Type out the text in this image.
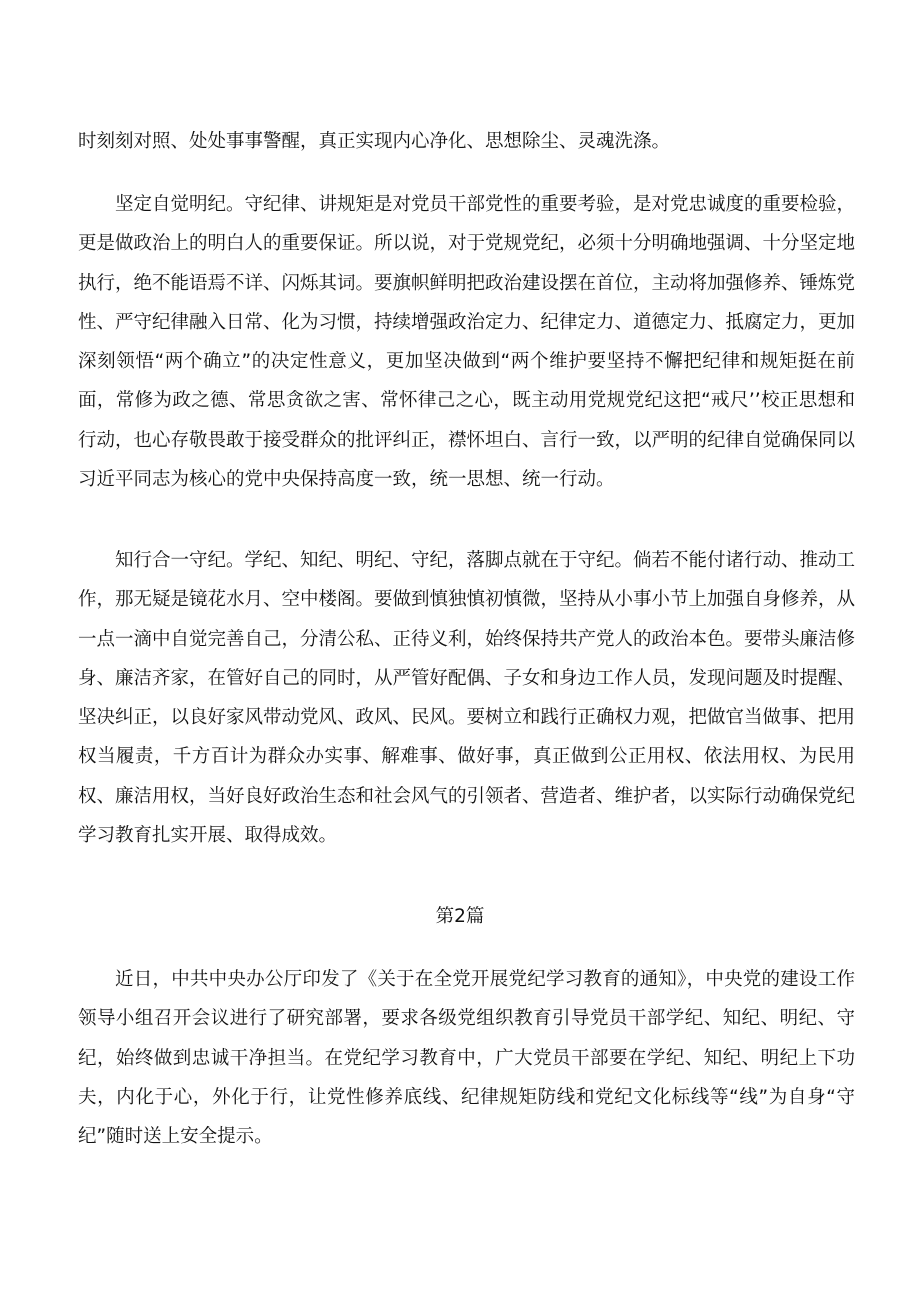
时刻刻对照、处处事事警醒，真正实现内心净化、思想除尘、灵魂洗涤。

坚定自觉明纪。守纪律、讲规矩是对党员干部党性的重要考验，是对党忠诚度的重要检验，更是做政治上的明白人的重要保证。所以说，对于党规党纪，必须十分明确地强调、十分坚定地执行，绝不能语焉不详、闪烁其词。要旗帜鲜明把政治建设摆在首位，主动将加强修养、锤炼党性、严守纪律融入日常、化为习惯，持续增强政治定力、纪律定力、道德定力、抵腐定力，更加深刻领悟“两个确立”的决定性意义，更加坚决做到“两个维护要坚持不懈把纪律和规矩挺在前面，常修为政之德、常思贪欲之害、常怀律己之心，既主动用党规党纪这把“戒尺’’校正思想和行动，也心存敬畏敢于接受群众的批评纠正，襟怀坦白、言行一致，以严明的纪律自觉确保同以习近平同志为核心的党中央保持高度一致，统一思想、统一行动。

知行合一守纪。学纪、知纪、明纪、守纪，落脚点就在于守纪。倘若不能付诸行动、推动工作，那无疑是镜花水月、空中楼阁。要做到慎独慎初慎微，坚持从小事小节上加强自身修养，从一点一滴中自觉完善自己，分清公私、正待义利，始终保持共产党人的政治本色。要带头廉洁修身、廉洁齐家，在管好自己的同时，从严管好配偶、子女和身边工作人员，发现问题及时提醒、坚决纠正，以良好家风带动党风、政风、民风。要树立和践行正确权力观，把做官当做事、把用权当履责，千方百计为群众办实事、解难事、做好事，真正做到公正用权、依法用权、为民用权、廉洁用权，当好良好政治生态和社会风气的引领者、营造者、维护者，以实际行动确保党纪学习教育扎实开展、取得成效。

第2篇

近日，中共中央办公厅印发了《关于在全党开展党纪学习教育的通知》，中央党的建设工作领导小组召开会议进行了研究部署，要求各级党组织教育引导党员干部学纪、知纪、明纪、守纪，始终做到忠诚干净担当。在党纪学习教育中，广大党员干部要在学纪、知纪、明纪上下功夫，内化于心，外化于行，让党性修养底线、纪律规矩防线和党纪文化标线等“线”为自身“守纪”随时送上安全提示。
